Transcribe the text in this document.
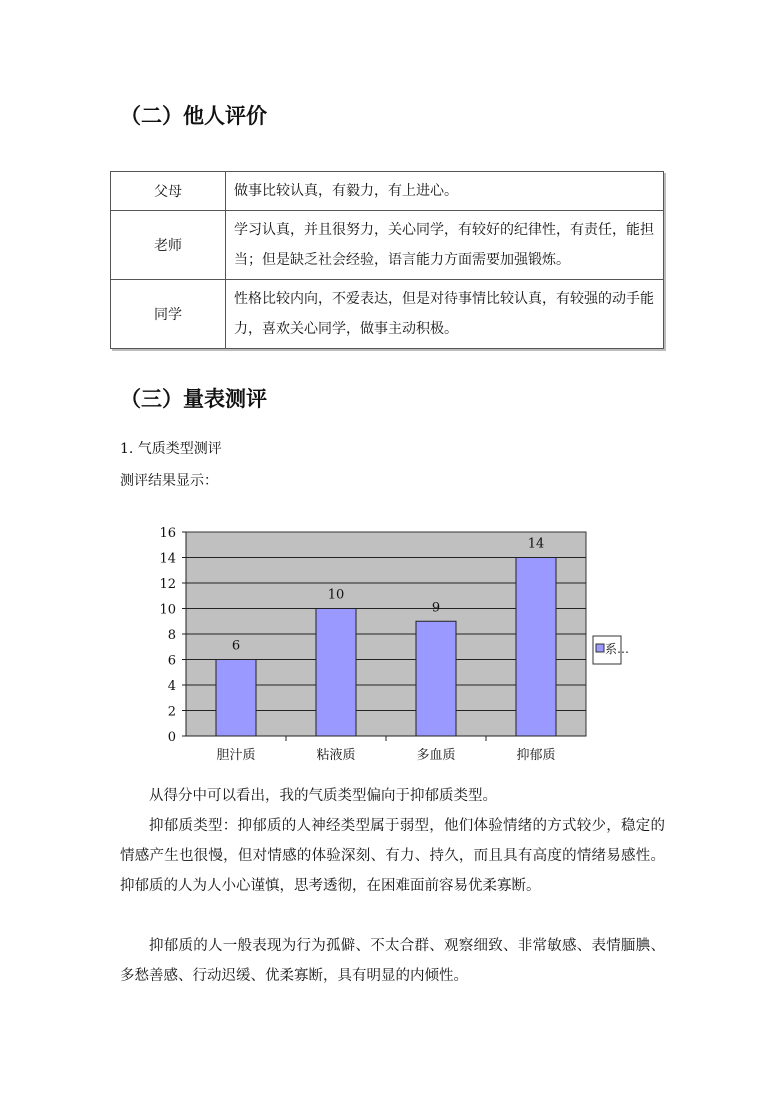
（二）他人评价
父母	做事比较认真，有毅力，有上进心。
老师	学习认真，并且很努力，关心同学，有较好的纪律性，有责任，能担当；但是缺乏社会经验，语言能力方面需要加强锻炼。
同学	性格比较内向，不爱表达，但是对待事情比较认真，有较强的动手能力，喜欢关心同学，做事主动积极。
（三）量表测评

1. 气质类型测评

测评结果显示：

6
10
9
14
0
2
4
6
8
10
12
14
16
胆汁质	粘液质	多血质	抑郁质
系…

从得分中可以看出，我的气质类型偏向于抑郁质类型。

抑郁质类型：抑郁质的人神经类型属于弱型，他们体验情绪的方式较少，稳定的情感产生也很慢，但对情感的体验深刻、有力、持久，而且具有高度的情绪易感性。抑郁质的人为人小心谨慎，思考透彻，在困难面前容易优柔寡断。

抑郁质的人一般表现为行为孤僻、不太合群、观察细致、非常敏感、表情腼腆、多愁善感、行动迟缓、优柔寡断，具有明显的内倾性。
